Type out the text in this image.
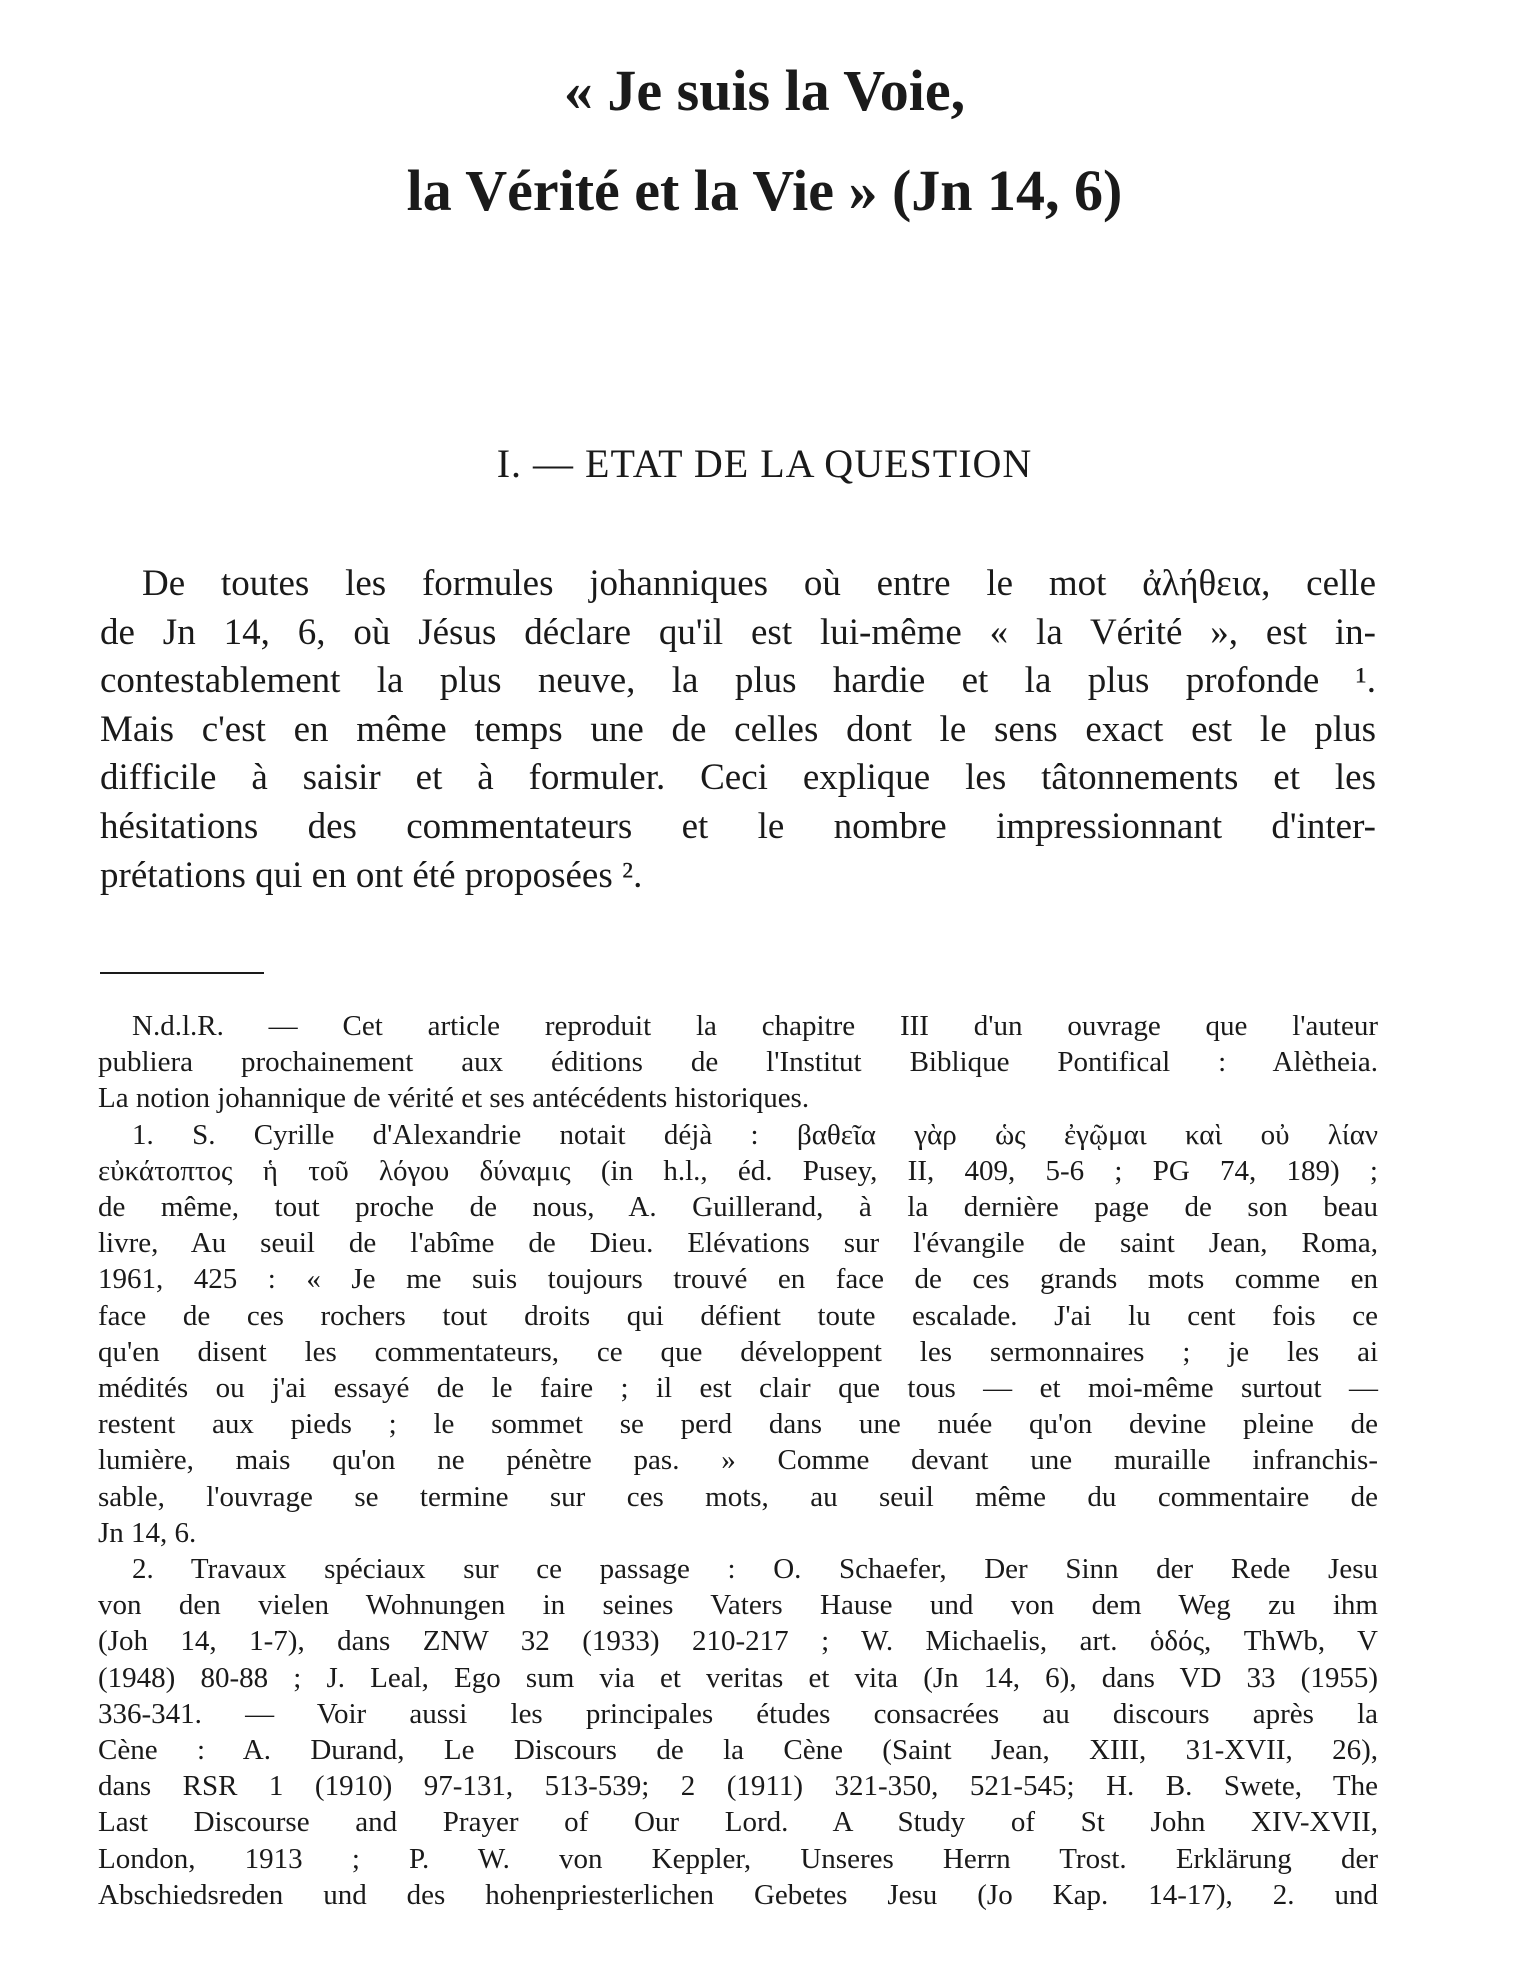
« Je suis la Voie,
la Vérité et la Vie » (Jn 14, 6)
I. — ETAT DE LA QUESTION
De toutes les formules johanniques où entre le mot ἀλήθεια, celle
de Jn 14, 6, où Jésus déclare qu'il est lui-même « la Vérité », est in-
contestablement la plus neuve, la plus hardie et la plus profonde ¹.
Mais c'est en même temps une de celles dont le sens exact est le plus
difficile à saisir et à formuler. Ceci explique les tâtonnements et les
hésitations des commentateurs et le nombre impressionnant d'inter-
prétations qui en ont été proposées ².
N.d.l.R. — Cet article reproduit la chapitre III d'un ouvrage que l'auteur
publiera prochainement aux éditions de l'Institut Biblique Pontifical : Alètheia.
La notion johannique de vérité et ses antécédents historiques.
1. S. Cyrille d'Alexandrie notait déjà : βαθεῖα γὰρ ὡς ἐγῷμαι καὶ οὐ λίαν
εὐκάτοπτος ἡ τοῦ λόγου δύναμις (in h.l., éd. Pusey, II, 409, 5-6 ; PG 74, 189) ;
de même, tout proche de nous, A. Guillerand, à la dernière page de son beau
livre, Au seuil de l'abîme de Dieu. Elévations sur l'évangile de saint Jean, Roma,
1961, 425 : « Je me suis toujours trouvé en face de ces grands mots comme en
face de ces rochers tout droits qui défient toute escalade. J'ai lu cent fois ce
qu'en disent les commentateurs, ce que développent les sermonnaires ; je les ai
médités ou j'ai essayé de le faire ; il est clair que tous — et moi-même surtout —
restent aux pieds ; le sommet se perd dans une nuée qu'on devine pleine de
lumière, mais qu'on ne pénètre pas. » Comme devant une muraille infranchis-
sable, l'ouvrage se termine sur ces mots, au seuil même du commentaire de
Jn 14, 6.
2. Travaux spéciaux sur ce passage : O. Schaefer, Der Sinn der Rede Jesu
von den vielen Wohnungen in seines Vaters Hause und von dem Weg zu ihm
(Joh 14, 1-7), dans ZNW 32 (1933) 210-217 ; W. Michaelis, art. ὁδός, ThWb, V
(1948) 80-88 ; J. Leal, Ego sum via et veritas et vita (Jn 14, 6), dans VD 33 (1955)
336-341. — Voir aussi les principales études consacrées au discours après la
Cène : A. Durand, Le Discours de la Cène (Saint Jean, XIII, 31-XVII, 26),
dans RSR 1 (1910) 97-131, 513-539; 2 (1911) 321-350, 521-545; H. B. Swete, The
Last Discourse and Prayer of Our Lord. A Study of St John XIV-XVII,
London, 1913 ; P. W. von Keppler, Unseres Herrn Trost. Erklärung der
Abschiedsreden und des hohenpriesterlichen Gebetes Jesu (Jo Kap. 14-17), 2. und
